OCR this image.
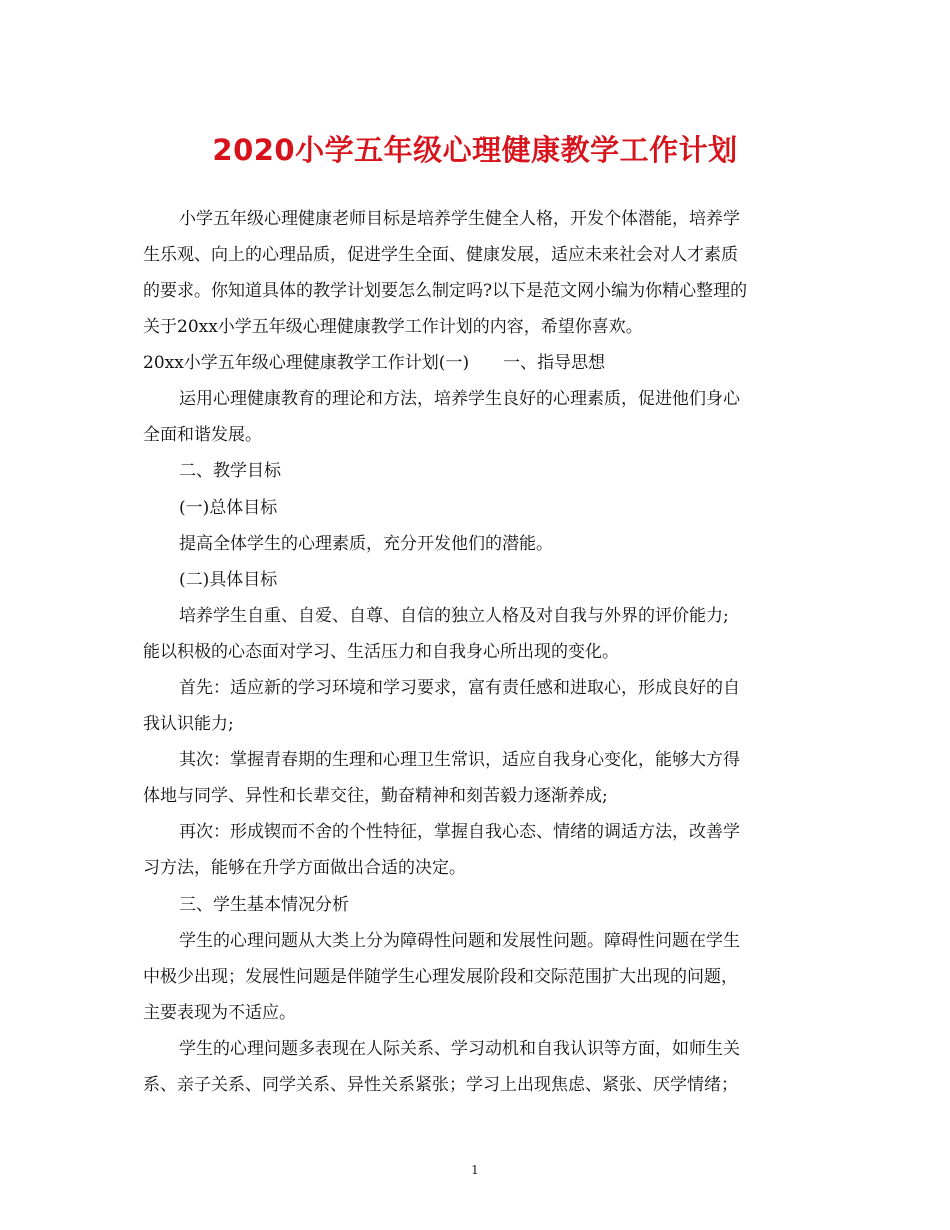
2020小学五年级心理健康教学工作计划
小学五年级心理健康老师目标是培养学生健全人格，开发个体潜能，培养学
生乐观、向上的心理品质，促进学生全面、健康发展，适应未来社会对人才素质
的要求。你知道具体的教学计划要怎么制定吗?以下是范文网小编为你精心整理的
关于20xx小学五年级心理健康教学工作计划的内容，希望你喜欢。
20xx小学五年级心理健康教学工作计划(一)　　一、指导思想
运用心理健康教育的理论和方法，培养学生良好的心理素质，促进他们身心
全面和谐发展。
二、教学目标
(一)总体目标
提高全体学生的心理素质，充分开发他们的潜能。
(二)具体目标
培养学生自重、自爱、自尊、自信的独立人格及对自我与外界的评价能力;
能以积极的心态面对学习、生活压力和自我身心所出现的变化。
首先：适应新的学习环境和学习要求，富有责任感和进取心，形成良好的自
我认识能力;
其次：掌握青春期的生理和心理卫生常识，适应自我身心变化，能够大方得
体地与同学、异性和长辈交往，勤奋精神和刻苦毅力逐渐养成;
再次：形成锲而不舍的个性特征，掌握自我心态、情绪的调适方法，改善学
习方法，能够在升学方面做出合适的决定。
三、学生基本情况分析
学生的心理问题从大类上分为障碍性问题和发展性问题。障碍性问题在学生
中极少出现；发展性问题是伴随学生心理发展阶段和交际范围扩大出现的问题，
主要表现为不适应。
学生的心理问题多表现在人际关系、学习动机和自我认识等方面，如师生关
系、亲子关系、同学关系、异性关系紧张；学习上出现焦虑、紧张、厌学情绪；
1
